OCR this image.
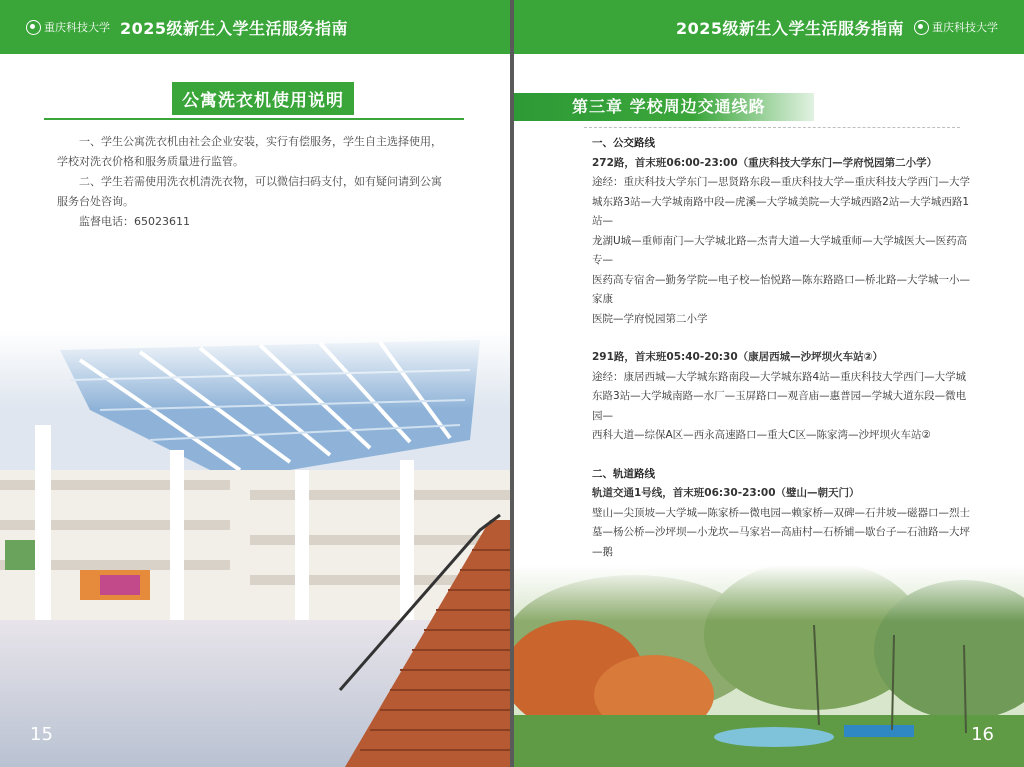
重庆科技大学 2025级新生入学生活服务指南
公寓洗衣机使用说明

一、学生公寓洗衣机由社会企业安装，实行有偿服务，学生自主选择使用，

学校对洗衣价格和服务质量进行监管。

二、学生若需使用洗衣机清洗衣物，可以微信扫码支付，如有疑问请到公寓

服务台处咨询。

监督电话：65023611

15
2025级新生入学生活服务指南	重庆科技大学
第三章 学校周边交通线路

一、公交路线

272路，首末班06:00-23:00（重庆科技大学东门—学府悦园第二小学）

途经：重庆科技大学东门—思贤路东段—重庆科技大学—重庆科技大学西门—大学

城东路3站—大学城南路中段—虎溪—大学城美院—大学城西路2站—大学城西路1站—

龙湖U城—重师南门—大学城北路—杰青大道—大学城重师—大学城医大—医药高专—

医药高专宿舍—勤务学院—电子校—怡悦路—陈东路路口—桥北路—大学城一小—家康

医院—学府悦园第二小学

291路，首末班05:40-20:30（康居西城—沙坪坝火车站②）

途经：康居西城—大学城东路南段—大学城东路4站—重庆科技大学西门—大学城

东路3站—大学城南路—水厂—玉屏路口—观音庙—惠普园—学城大道东段—微电园—

西科大道—综保A区—西永高速路口—重大C区—陈家湾—沙坪坝火车站②

二、轨道路线

轨道交通1号线，首末班06:30-23:00（璧山—朝天门）

璧山—尖顶坡—大学城—陈家桥—微电园—赖家桥—双碑—石井坡—磁器口—烈士

墓—杨公桥—沙坪坝—小龙坎—马家岩—高庙村—石桥铺—歇台子—石油路—大坪—鹅

16
